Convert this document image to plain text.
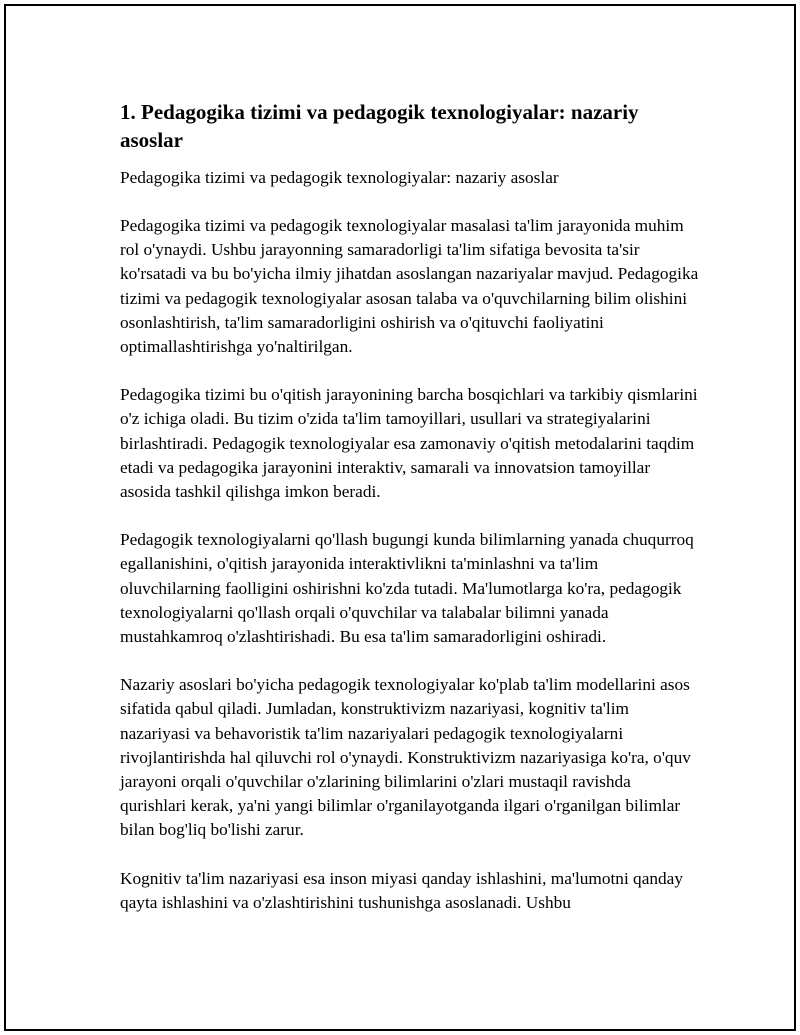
1. Pedagogika tizimi va pedagogik texnologiyalar: nazariy asoslar

Pedagogika tizimi va pedagogik texnologiyalar: nazariy asoslar

Pedagogika tizimi va pedagogik texnologiyalar masalasi ta'lim jarayonida muhim rol o'ynaydi. Ushbu jarayonning samaradorligi ta'lim sifatiga bevosita ta'sir ko'rsatadi va bu bo'yicha ilmiy jihatdan asoslangan nazariyalar mavjud. Pedagogika tizimi va pedagogik texnologiyalar asosan talaba va o'quvchilarning bilim olishini osonlashtirish, ta'lim samaradorligini oshirish va o'qituvchi faoliyatini optimallashtirishga yo'naltirilgan.

Pedagogika tizimi bu o'qitish jarayonining barcha bosqichlari va tarkibiy qismlarini o'z ichiga oladi. Bu tizim o'zida ta'lim tamoyillari, usullari va strategiyalarini birlashtiradi. Pedagogik texnologiyalar esa zamonaviy o'qitish metodalarini taqdim etadi va pedagogika jarayonini interaktiv, samarali va innovatsion tamoyillar asosida tashkil qilishga imkon beradi.

Pedagogik texnologiyalarni qo'llash bugungi kunda bilimlarning yanada chuqurroq egallanishini, o'qitish jarayonida interaktivlikni ta'minlashni va ta'lim oluvchilarning faolligini oshirishni ko'zda tutadi. Ma'lumotlarga ko'ra, pedagogik texnologiyalarni qo'llash orqali o'quvchilar va talabalar bilimni yanada mustahkamroq o'zlashtirishadi. Bu esa ta'lim samaradorligini oshiradi.

Nazariy asoslari bo'yicha pedagogik texnologiyalar ko'plab ta'lim modellarini asos sifatida qabul qiladi. Jumladan, konstruktivizm nazariyasi, kognitiv ta'lim nazariyasi va behavoristik ta'lim nazariyalari pedagogik texnologiyalarni rivojlantirishda hal qiluvchi rol o'ynaydi. Konstruktivizm nazariyasiga ko'ra, o'quv jarayoni orqali o'quvchilar o'zlarining bilimlarini o'zlari mustaqil ravishda qurishlari kerak, ya'ni yangi bilimlar o'rganilayotganda ilgari o'rganilgan bilimlar bilan bog'liq bo'lishi zarur.

Kognitiv ta'lim nazariyasi esa inson miyasi qanday ishlashini, ma'lumotni qanday qayta ishlashini va o'zlashtirishini tushunishga asoslanadi. Ushbu
